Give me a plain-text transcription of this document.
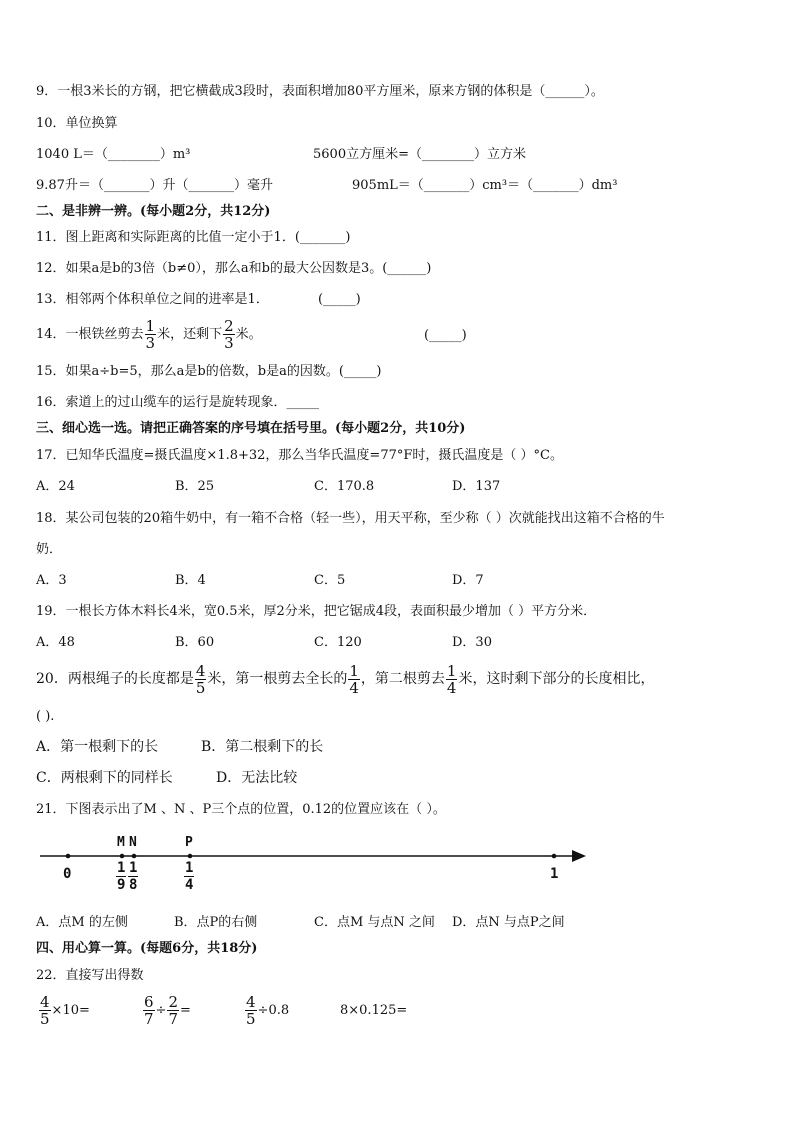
9．一根3米长的方钢，把它横截成3段时，表面积增加80平方厘米，原来方钢的体积是（______）。
10．单位换算
1040 L＝（________）m³	5600立方厘米=（________）立方米
9.87升＝（_______）升（_______）毫升	905mL＝（_______）cm³＝（_______）dm³
二、是非辨一辨。(每小题2分，共12分)
11．图上距离和实际距离的比值一定小于1．(_______)
12．如果a是b的3倍（b≠0），那么a和b的最大公因数是3。(______)
13．相邻两个体积单位之间的进率是1．	(_____)
14．一根铁丝剪去 $\frac{1}{3}$ 米，还剩下 $\frac{2}{3}$ 米。	(_____)
15．如果a÷b=5，那么a是b的倍数，b是a的因数。(_____)
16．索道上的过山缆车的运行是旋转现象．_____
三、细心选一选。请把正确答案的序号填在括号里。(每小题2分，共10分)
17．已知华氏温度=摄氏温度×1.8+32，那么当华氏温度=77°F时，摄氏温度是（ ）°C。
A．24	B．25	C．170.8	D．137
18．某公司包装的20箱牛奶中，有一箱不合格（轻一些），用天平称，至少称（ ）次就能找出这箱不合格的牛
奶．
A．3	B．4	C．5	D．7
19．一根长方体木料长4米，宽0.5米，厚2分米，把它锯成4段，表面积最少增加（ ）平方分米．
A．48	B．60	C．120	D．30
20．两根绳子的长度都是 $\frac{4}{5}$ 米，第一根剪去全长的 $\frac{1}{4}$ ，第二根剪去 $\frac{1}{4}$ 米，这时剩下部分的长度相比，
( ).
A．第一根剩下的长	B．第二根剩下的长
C．两根剩下的同样长	D．无法比较
21．下图表示出了M 、N 、P三个点的位置，0.12的位置应该在（ ）。
M N	P
0	$\frac{1}{9} \frac{1}{8}$	$\frac{1}{4}$	1
A．点M 的左侧	B．点P的右侧	C．点M 与点N 之间 D．点N 与点P之间
四、用心算一算。(每题6分，共18分)
22．直接写出得数
$\frac{4}{5} \times 10=$	$\frac{6}{7} \div \frac{2}{7}$ =	$\frac{4}{5} \div 0.8$	8×0.125=
